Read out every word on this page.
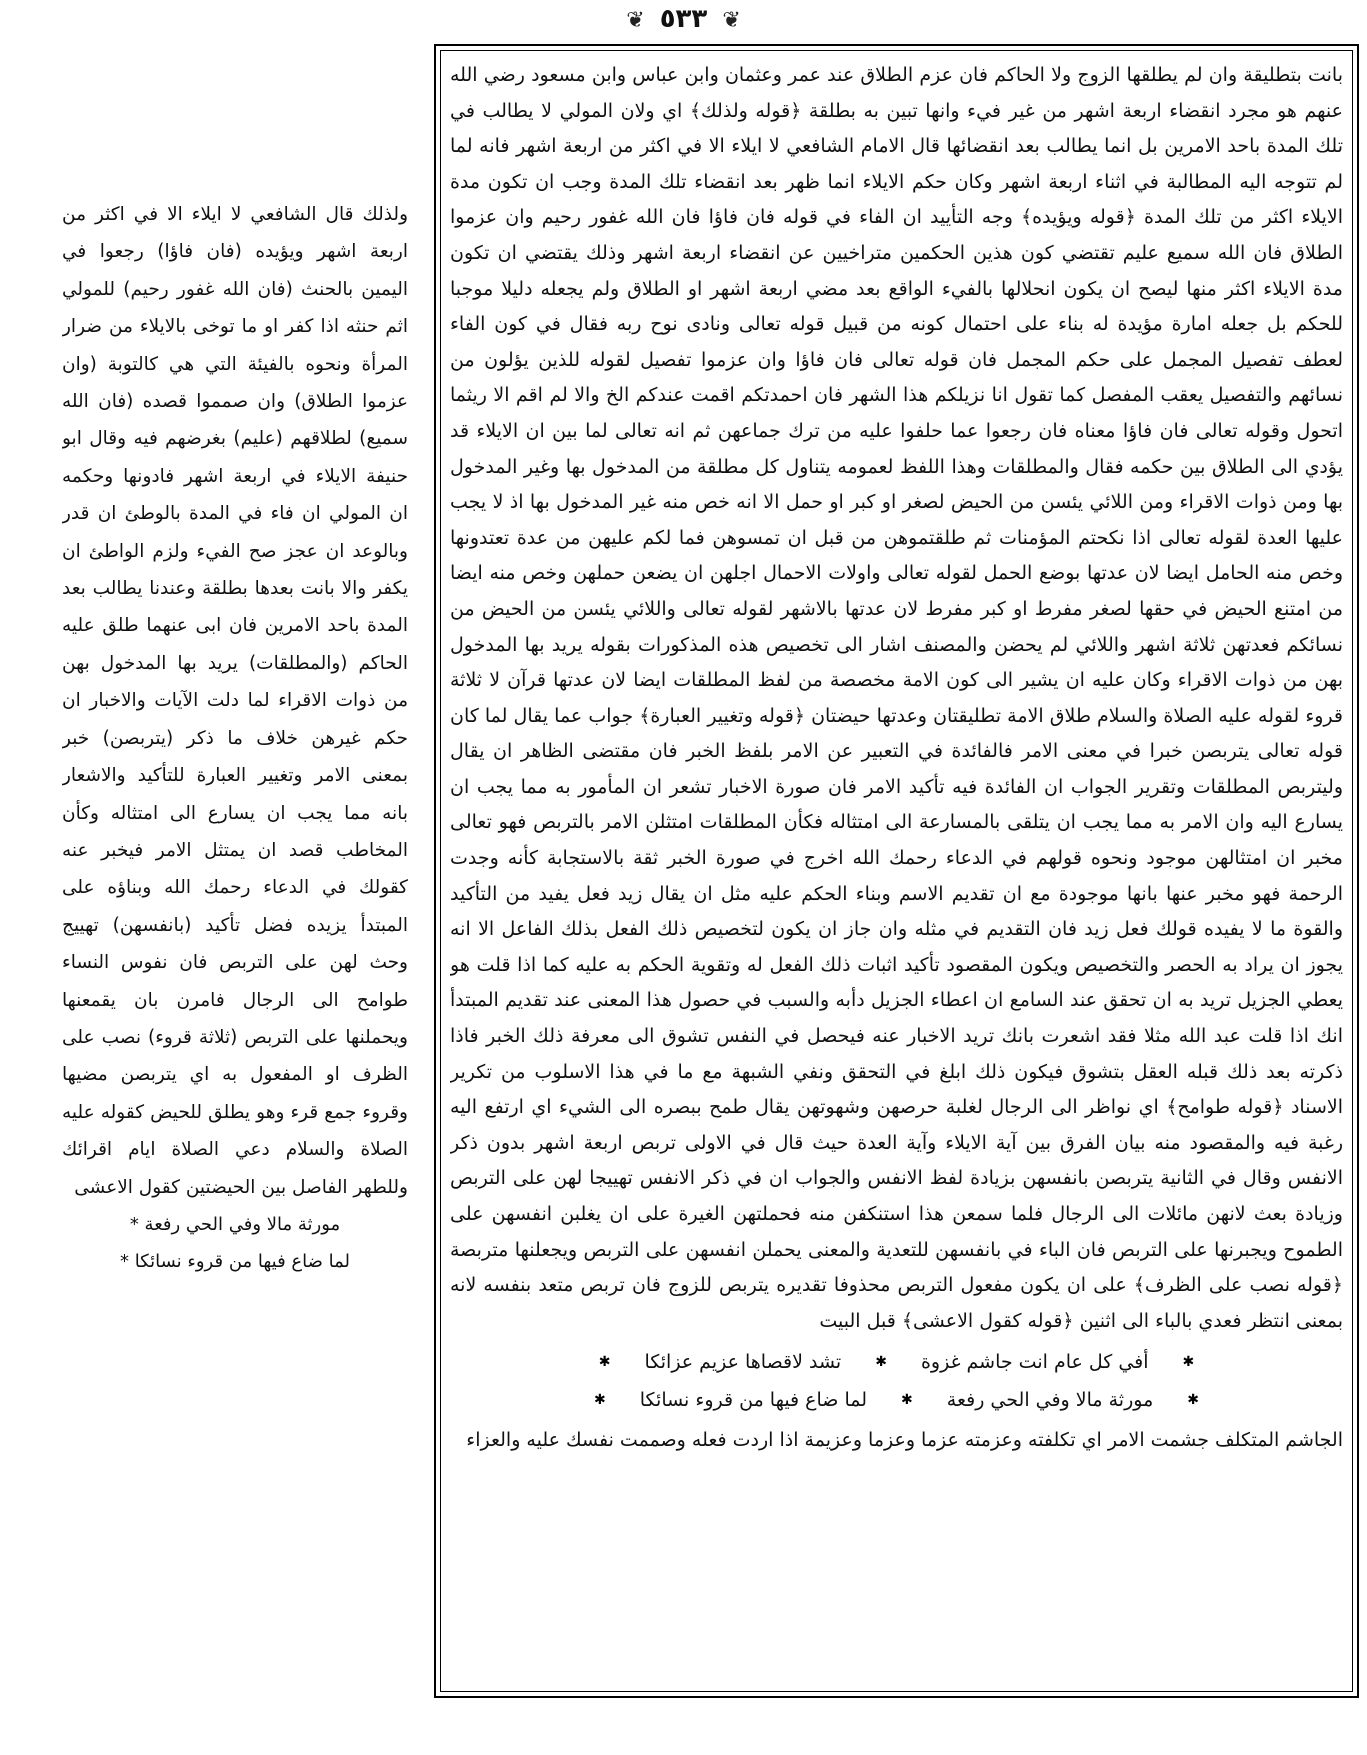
❦ ٥٣٣ ❦

ولذلك قال الشافعي لا ايلاء الا في اكثر من اربعة اشهر ويؤيده (فان فاؤا) رجعوا في اليمين بالحنث (فان الله غفور رحيم) للمولي اثم حنثه اذا كفر او ما توخى بالايلاء من ضرار المرأة ونحوه بالفيئة التي هي كالتوبة (وان عزموا الطلاق) وان صمموا قصده (فان الله سميع) لطلاقهم (عليم) بغرضهم فيه وقال ابو حنيفة الايلاء في اربعة اشهر فادونها وحكمه ان المولي ان فاء في المدة بالوطئ ان قدر وبالوعد ان عجز صح الفيء ولزم الواطئ ان يكفر والا بانت بعدها بطلقة وعندنا يطالب بعد المدة باحد الامرين فان ابى عنهما طلق عليه الحاكم (والمطلقات) يريد بها المدخول بهن من ذوات الاقراء لما دلت الآيات والاخبار ان حكم غيرهن خلاف ما ذكر (يتربصن) خبر بمعنى الامر وتغيير العبارة للتأكيد والاشعار بانه مما يجب ان يسارع الى امتثاله وكأن المخاطب قصد ان يمتثل الامر فيخبر عنه كقولك في الدعاء رحمك الله وبناؤه على المبتدأ يزيده فضل تأكيد (بانفسهن) تهييج وحث لهن على التربص فان نفوس النساء طوامح الى الرجال فامرن بان يقمعنها ويحملنها على التربص (ثلاثة قروء) نصب على الظرف او المفعول به اي يتربصن مضيها وقروء جمع قرء وهو يطلق للحيض كقوله عليه الصلاة والسلام دعي الصلاة ايام اقرائك وللطهر الفاصل بين الحيضتين كقول الاعشى

مورثة مالا وفي الحي رفعة *
لما ضاع فيها من قروء نسائكا *

بانت بتطليقة وان لم يطلقها الزوج ولا الحاكم فان عزم الطلاق عند عمر وعثمان وابن عباس وابن مسعود رضي الله عنهم هو مجرد انقضاء اربعة اشهر من غير فيء وانها تبين به بطلقة ﴿قوله ولذلك﴾ اي ولان المولي لا يطالب في تلك المدة باحد الامرين بل انما يطالب بعد انقضائها قال الامام الشافعي لا ايلاء الا في اكثر من اربعة اشهر فانه لما لم تتوجه اليه المطالبة في اثناء اربعة اشهر وكان حكم الايلاء انما ظهر بعد انقضاء تلك المدة وجب ان تكون مدة الايلاء اكثر من تلك المدة ﴿قوله ويؤيده﴾ وجه التأييد ان الفاء في قوله فان فاؤا فان الله غفور رحيم وان عزموا الطلاق فان الله سميع عليم تقتضي كون هذين الحكمين متراخيين عن انقضاء اربعة اشهر وذلك يقتضي ان تكون مدة الايلاء اكثر منها ليصح ان يكون انحلالها بالفيء الواقع بعد مضي اربعة اشهر او الطلاق ولم يجعله دليلا موجبا للحكم بل جعله امارة مؤيدة له بناء على احتمال كونه من قبيل قوله تعالى ونادى نوح ربه فقال في كون الفاء لعطف تفصيل المجمل على حكم المجمل فان قوله تعالى فان فاؤا وان عزموا تفصيل لقوله للذين يؤلون من نسائهم والتفصيل يعقب المفصل كما تقول انا نزيلكم هذا الشهر فان احمدتكم اقمت عندكم الخ والا لم اقم الا ريثما اتحول وقوله تعالى فان فاؤا معناه فان رجعوا عما حلفوا عليه من ترك جماعهن ثم انه تعالى لما بين ان الايلاء قد يؤدي الى الطلاق بين حكمه فقال والمطلقات وهذا اللفظ لعمومه يتناول كل مطلقة من المدخول بها وغير المدخول بها ومن ذوات الاقراء ومن اللائي يئسن من الحيض لصغر او كبر او حمل الا انه خص منه غير المدخول بها اذ لا يجب عليها العدة لقوله تعالى اذا نكحتم المؤمنات ثم طلقتموهن من قبل ان تمسوهن فما لكم عليهن من عدة تعتدونها وخص منه الحامل ايضا لان عدتها بوضع الحمل لقوله تعالى واولات الاحمال اجلهن ان يضعن حملهن وخص منه ايضا من امتنع الحيض في حقها لصغر مفرط او كبر مفرط لان عدتها بالاشهر لقوله تعالى واللائي يئسن من الحيض من نسائكم فعدتهن ثلاثة اشهر واللائي لم يحضن والمصنف اشار الى تخصيص هذه المذكورات بقوله يريد بها المدخول بهن من ذوات الاقراء وكان عليه ان يشير الى كون الامة مخصصة من لفظ المطلقات ايضا لان عدتها قرآن لا ثلاثة قروء لقوله عليه الصلاة والسلام طلاق الامة تطليقتان وعدتها حيضتان ﴿قوله وتغيير العبارة﴾ جواب عما يقال لما كان قوله تعالى يتربصن خبرا في معنى الامر فالفائدة في التعبير عن الامر بلفظ الخبر فان مقتضى الظاهر ان يقال وليتربص المطلقات وتقرير الجواب ان الفائدة فيه تأكيد الامر فان صورة الاخبار تشعر ان المأمور به مما يجب ان يسارع اليه وان الامر به مما يجب ان يتلقى بالمسارعة الى امتثاله فكأن المطلقات امتثلن الامر بالتربص فهو تعالى مخبر ان امتثالهن موجود ونحوه قولهم في الدعاء رحمك الله اخرج في صورة الخبر ثقة بالاستجابة كأنه وجدت الرحمة فهو مخبر عنها بانها موجودة مع ان تقديم الاسم وبناء الحكم عليه مثل ان يقال زيد فعل يفيد من التأكيد والقوة ما لا يفيده قولك فعل زيد فان التقديم في مثله وان جاز ان يكون لتخصيص ذلك الفعل بذلك الفاعل الا انه يجوز ان يراد به الحصر والتخصيص ويكون المقصود تأكيد اثبات ذلك الفعل له وتقوية الحكم به عليه كما اذا قلت هو يعطي الجزيل تريد به ان تحقق عند السامع ان اعطاء الجزيل دأبه والسبب في حصول هذا المعنى عند تقديم المبتدأ انك اذا قلت عبد الله مثلا فقد اشعرت بانك تريد الاخبار عنه فيحصل في النفس تشوق الى معرفة ذلك الخبر فاذا ذكرته بعد ذلك قبله العقل بتشوق فيكون ذلك ابلغ في التحقق ونفي الشبهة مع ما في هذا الاسلوب من تكرير الاسناد ﴿قوله طوامح﴾ اي نواظر الى الرجال لغلبة حرصهن وشهوتهن يقال طمح ببصره الى الشيء اي ارتفع اليه رغبة فيه والمقصود منه بيان الفرق بين آية الايلاء وآية العدة حيث قال في الاولى تربص اربعة اشهر بدون ذكر الانفس وقال في الثانية يتربصن بانفسهن بزيادة لفظ الانفس والجواب ان في ذكر الانفس تهييجا لهن على التربص وزيادة بعث لانهن مائلات الى الرجال فلما سمعن هذا استنكفن منه فحملتهن الغيرة على ان يغلبن انفسهن على الطموح ويجبرنها على التربص فان الباء في بانفسهن للتعدية والمعنى يحملن انفسهن على التربص ويجعلنها متربصة ﴿قوله نصب على الظرف﴾ على ان يكون مفعول التربص محذوفا تقديره يتربص للزوج فان تربص متعد بنفسه لانه بمعنى انتظر فعدي بالباء الى اثنين ﴿قوله كقول الاعشى﴾ قبل البيت

✱
أفي كل عام انت جاشم غزوة
✱
تشد لاقصاها عزيم عزائكا
✱
✱
مورثة مالا وفي الحي رفعة
✱
لما ضاع فيها من قروء نسائكا
✱

الجاشم المتكلف جشمت الامر اي تكلفته وعزمته عزما وعزما وعزيمة اذا اردت فعله وصممت نفسك عليه والعزاء
